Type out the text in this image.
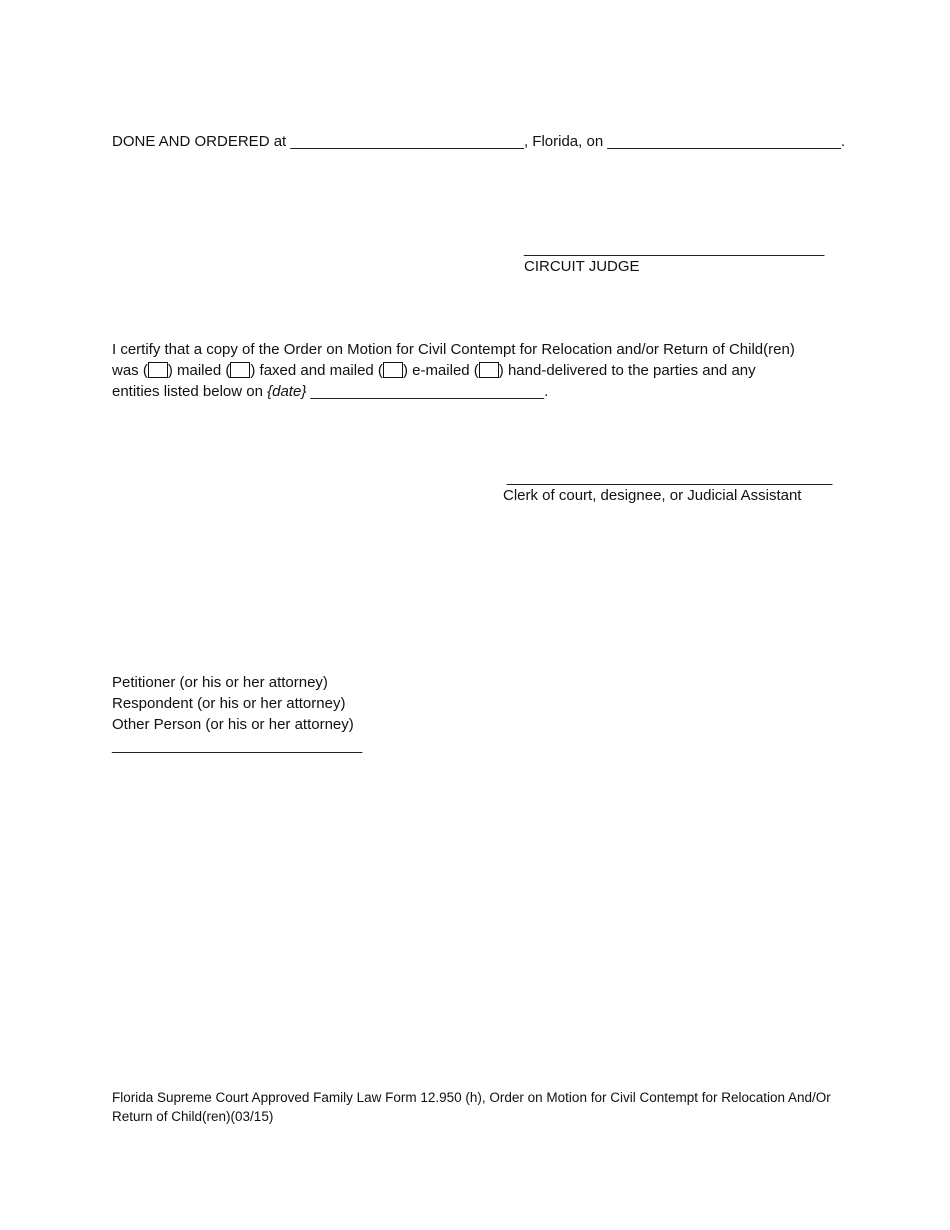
DONE AND ORDERED at ____________________________, Florida, on ____________________________.
____________________________________
CIRCUIT JUDGE
I certify that a copy of the Order on Motion for Civil Contempt for Relocation and/or Return of Child(ren)
was ( ) mailed ( ) faxed and mailed ( ) e-mailed ( ) hand-delivered to the parties and any
entities listed below on {date} ____________________________.
_______________________________________
Clerk of court, designee, or Judicial Assistant
Petitioner (or his or her attorney)
Respondent (or his or her attorney)
Other Person (or his or her attorney)
______________________________
Florida Supreme Court Approved Family Law Form 12.950 (h), Order on Motion for Civil Contempt for Relocation And/Or Return of Child(ren)(03/15)
